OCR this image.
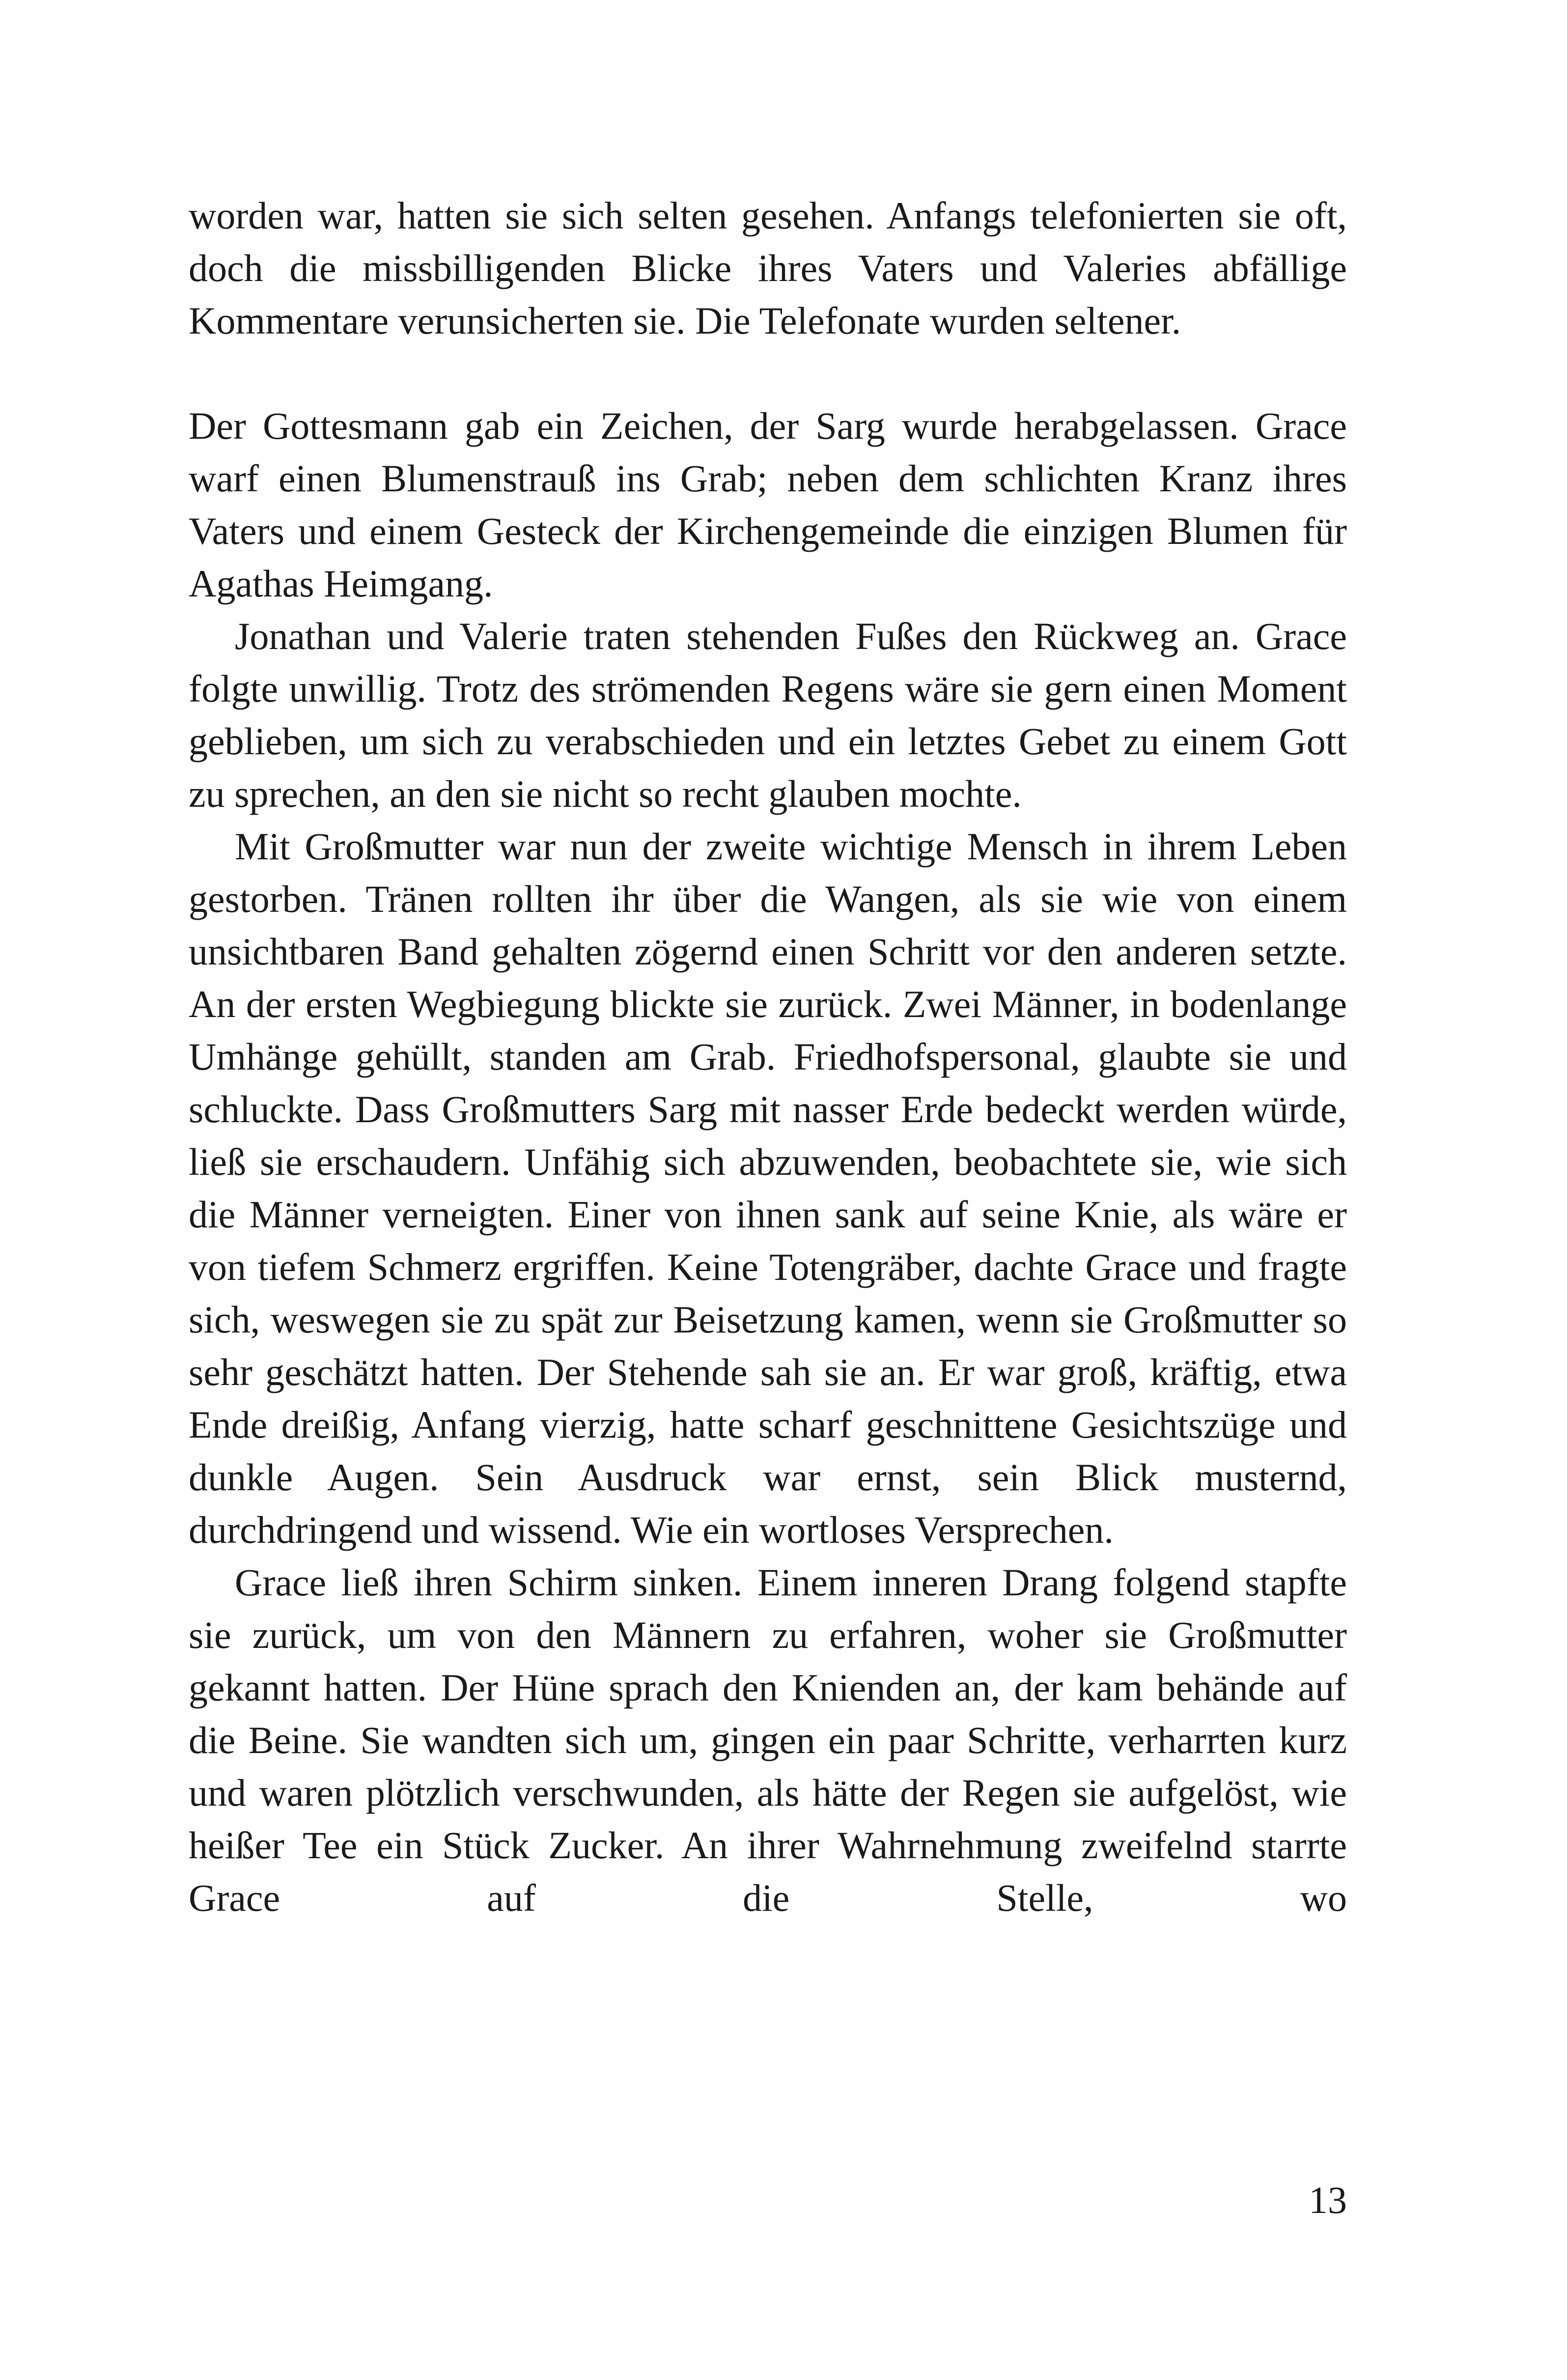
worden war, hatten sie sich selten gesehen. Anfangs telefonierten sie oft, doch die missbilligenden Blicke ihres Vaters und Valeries abfällige Kommentare verunsicherten sie. Die Telefonate wurden seltener.

Der Gottesmann gab ein Zeichen, der Sarg wurde herabgelassen. Grace warf einen Blumenstrauß ins Grab; neben dem schlichten Kranz ihres Vaters und einem Gesteck der Kirchengemeinde die einzigen Blumen für Agathas Heimgang.

Jonathan und Valerie traten stehenden Fußes den Rückweg an. Grace folgte unwillig. Trotz des strömenden Regens wäre sie gern einen Moment geblieben, um sich zu verabschieden und ein letztes Gebet zu einem Gott zu sprechen, an den sie nicht so recht glauben mochte.

Mit Großmutter war nun der zweite wichtige Mensch in ihrem Leben gestorben. Tränen rollten ihr über die Wangen, als sie wie von einem unsichtbaren Band gehalten zögernd einen Schritt vor den anderen setzte. An der ersten Wegbiegung blickte sie zurück. Zwei Männer, in bodenlange Umhänge gehüllt, standen am Grab. Friedhofspersonal, glaubte sie und schluckte. Dass Großmutters Sarg mit nasser Erde bedeckt werden würde, ließ sie erschaudern. Unfähig sich abzuwenden, beobachtete sie, wie sich die Männer verneigten. Einer von ihnen sank auf seine Knie, als wäre er von tiefem Schmerz ergriffen. Keine Totengräber, dachte Grace und fragte sich, weswegen sie zu spät zur Beisetzung kamen, wenn sie Großmutter so sehr geschätzt hatten. Der Stehende sah sie an. Er war groß, kräftig, etwa Ende dreißig, Anfang vierzig, hatte scharf geschnittene Gesichtszüge und dunkle Augen. Sein Ausdruck war ernst, sein Blick musternd, durchdringend und wissend. Wie ein wortloses Versprechen.

Grace ließ ihren Schirm sinken. Einem inneren Drang folgend stapfte sie zurück, um von den Männern zu erfahren, woher sie Großmutter gekannt hatten. Der Hüne sprach den Knienden an, der kam behände auf die Beine. Sie wandten sich um, gingen ein paar Schritte, verharrten kurz und waren plötzlich verschwunden, als hätte der Regen sie aufgelöst, wie heißer Tee ein Stück Zucker. An ihrer Wahrnehmung zweifelnd starrte Grace auf die Stelle, wo

13
